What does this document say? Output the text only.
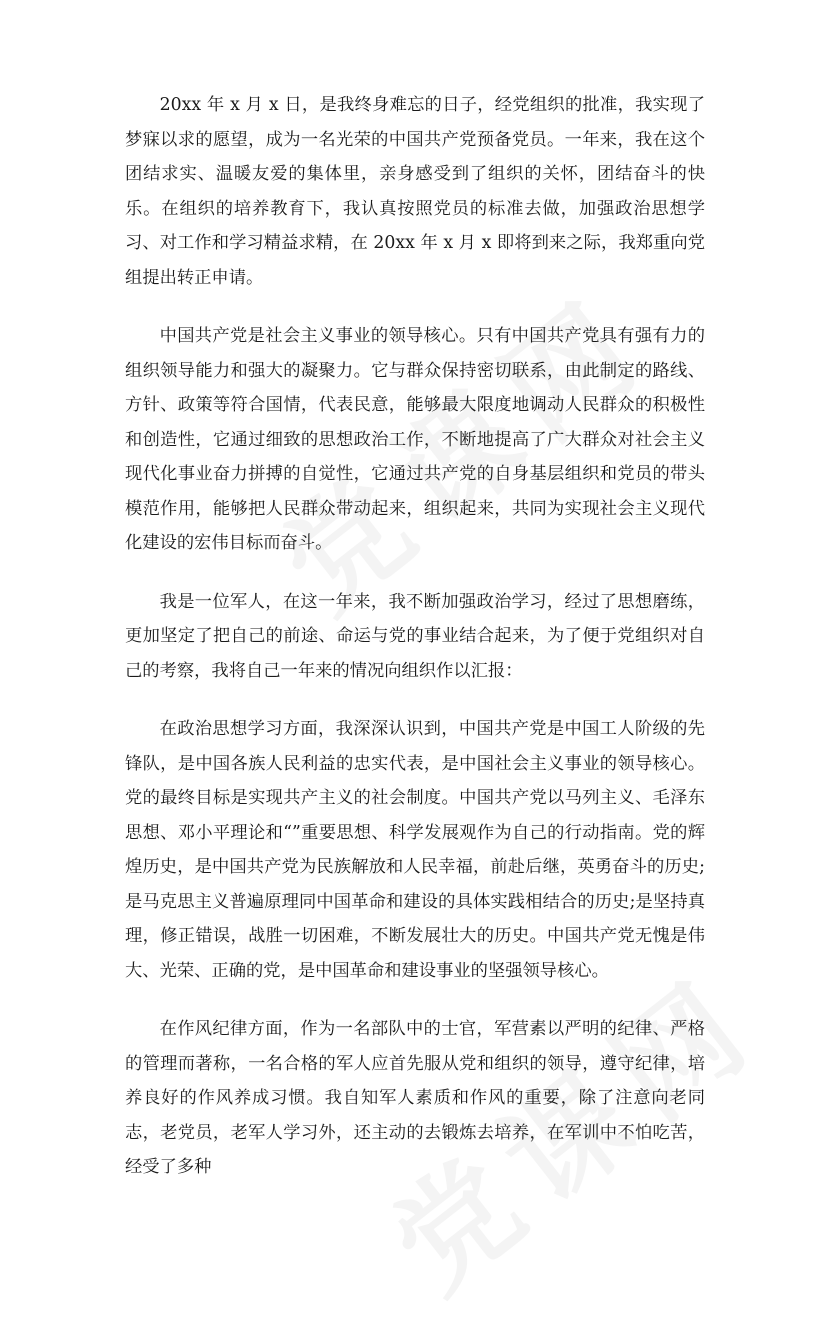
20xx 年 x 月 x 日，是我终身难忘的日子，经党组织的批准，我实现了梦寐以求的愿望，成为一名光荣的中国共产党预备党员。一年来，我在这个团结求实、温暖友爱的集体里，亲身感受到了组织的关怀，团结奋斗的快乐。在组织的培养教育下，我认真按照党员的标准去做，加强政治思想学习、对工作和学习精益求精，在 20xx 年 x 月 x 即将到来之际，我郑重向党组提出转正申请。

中国共产党是社会主义事业的领导核心。只有中国共产党具有强有力的组织领导能力和强大的凝聚力。它与群众保持密切联系，由此制定的路线、方针、政策等符合国情，代表民意，能够最大限度地调动人民群众的积极性和创造性，它通过细致的思想政治工作，不断地提高了广大群众对社会主义现代化事业奋力拼搏的自觉性，它通过共产党的自身基层组织和党员的带头模范作用，能够把人民群众带动起来，组织起来，共同为实现社会主义现代化建设的宏伟目标而奋斗。

我是一位军人，在这一年来，我不断加强政治学习，经过了思想磨练，更加坚定了把自己的前途、命运与党的事业结合起来，为了便于党组织对自己的考察，我将自己一年来的情况向组织作以汇报：

在政治思想学习方面，我深深认识到，中国共产党是中国工人阶级的先锋队，是中国各族人民利益的忠实代表，是中国社会主义事业的领导核心。党的最终目标是实现共产主义的社会制度。中国共产党以马列主义、毛泽东思想、邓小平理论和“”重要思想、科学发展观作为自己的行动指南。党的辉煌历史，是中国共产党为民族解放和人民幸福，前赴后继，英勇奋斗的历史;是马克思主义普遍原理同中国革命和建设的具体实践相结合的历史;是坚持真理，修正错误，战胜一切困难，不断发展壮大的历史。中国共产党无愧是伟大、光荣、正确的党，是中国革命和建设事业的坚强领导核心。

在作风纪律方面，作为一名部队中的士官，军营素以严明的纪律、严格的管理而著称，一名合格的军人应首先服从党和组织的领导，遵守纪律，培养良好的作风养成习惯。我自知军人素质和作风的重要，除了注意向老同志，老党员，老军人学习外，还主动的去锻炼去培养，在军训中不怕吃苦，经受了多种
